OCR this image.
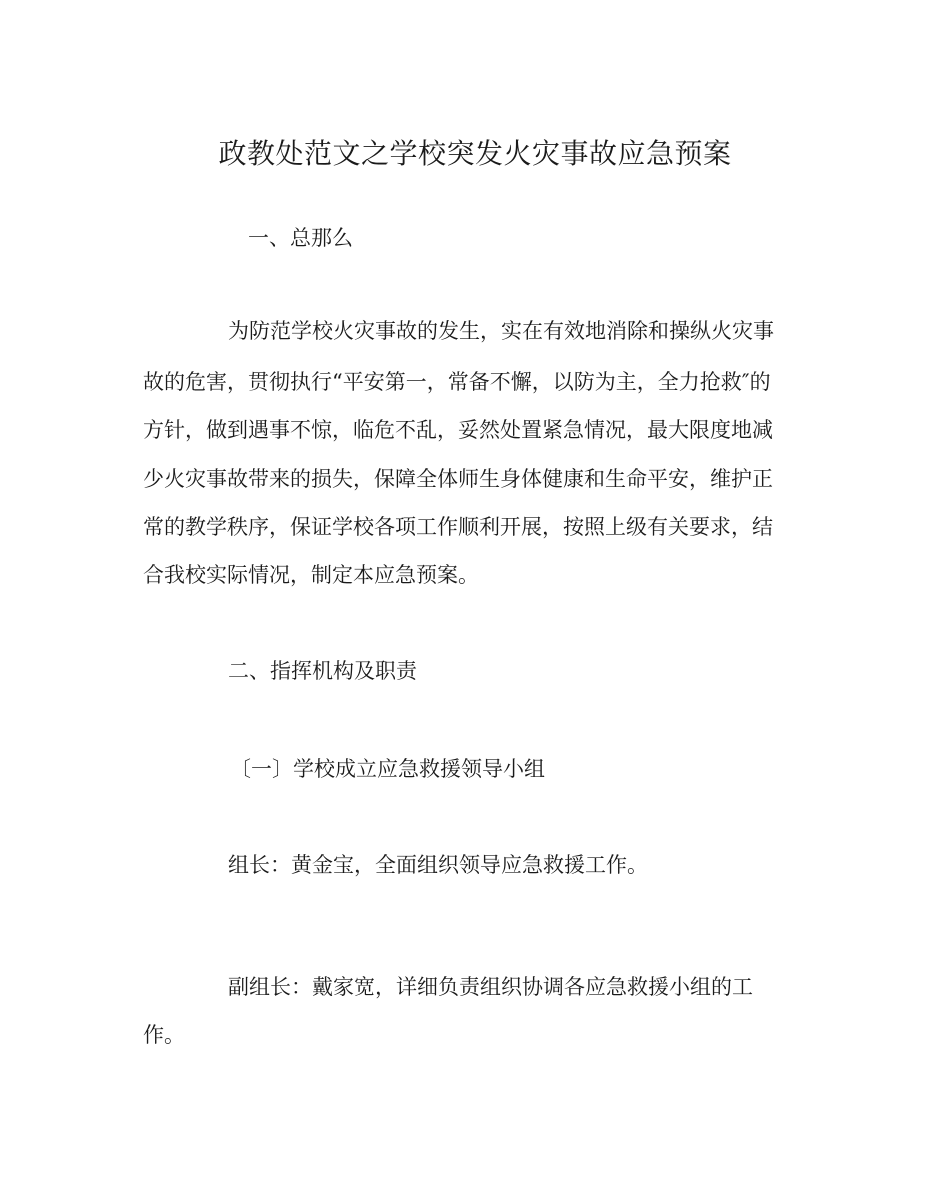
政教处范文之学校突发火灾事故应急预案
一、总那么
为防范学校火灾事故的发生，实在有效地消除和操纵火灾事
故的危害，贯彻执行“平安第一，常备不懈，以防为主，全力抢救″的
方针，做到遇事不惊，临危不乱，妥然处置紧急情况，最大限度地减
少火灾事故带来的损失，保障全体师生身体健康和生命平安，维护正
常的教学秩序，保证学校各项工作顺利开展，按照上级有关要求，结
合我校实际情况，制定本应急预案。
二、指挥机构及职责
〔一〕学校成立应急救援领导小组
组长：黄金宝，全面组织领导应急救援工作。
副组长：戴家宽，详细负责组织协调各应急救援小组的工
作。
